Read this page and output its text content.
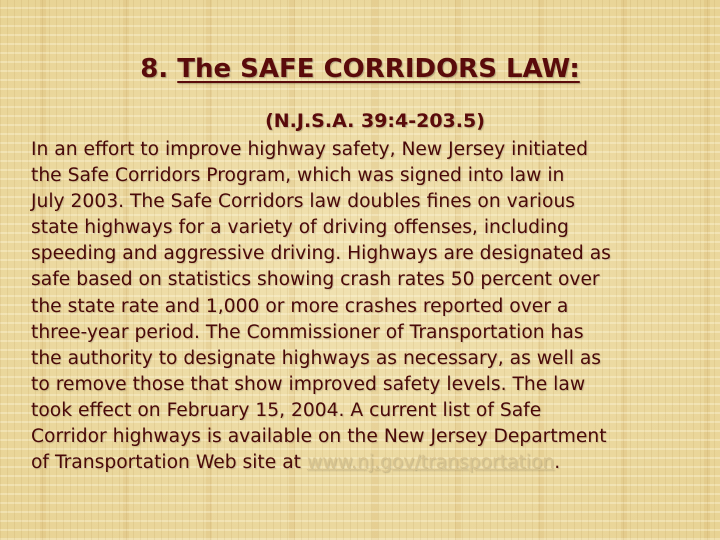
8. The SAFE CORRIDORS LAW:
(N.J.S.A. 39:4-203.5)
In an effort to improve highway safety, New Jersey initiated
the Safe Corridors Program, which was signed into law in
July 2003. The Safe Corridors law doubles fines on various
state highways for a variety of driving offenses, including
speeding and aggressive driving. Highways are designated as
safe based on statistics showing crash rates 50 percent over
the state rate and 1,000 or more crashes reported over a
three-year period. The Commissioner of Transportation has
the authority to designate highways as necessary, as well as
to remove those that show improved safety levels. The law
took effect on February 15, 2004. A current list of Safe
Corridor highways is available on the New Jersey Department
of Transportation Web site at www.nj.gov/transportation.
